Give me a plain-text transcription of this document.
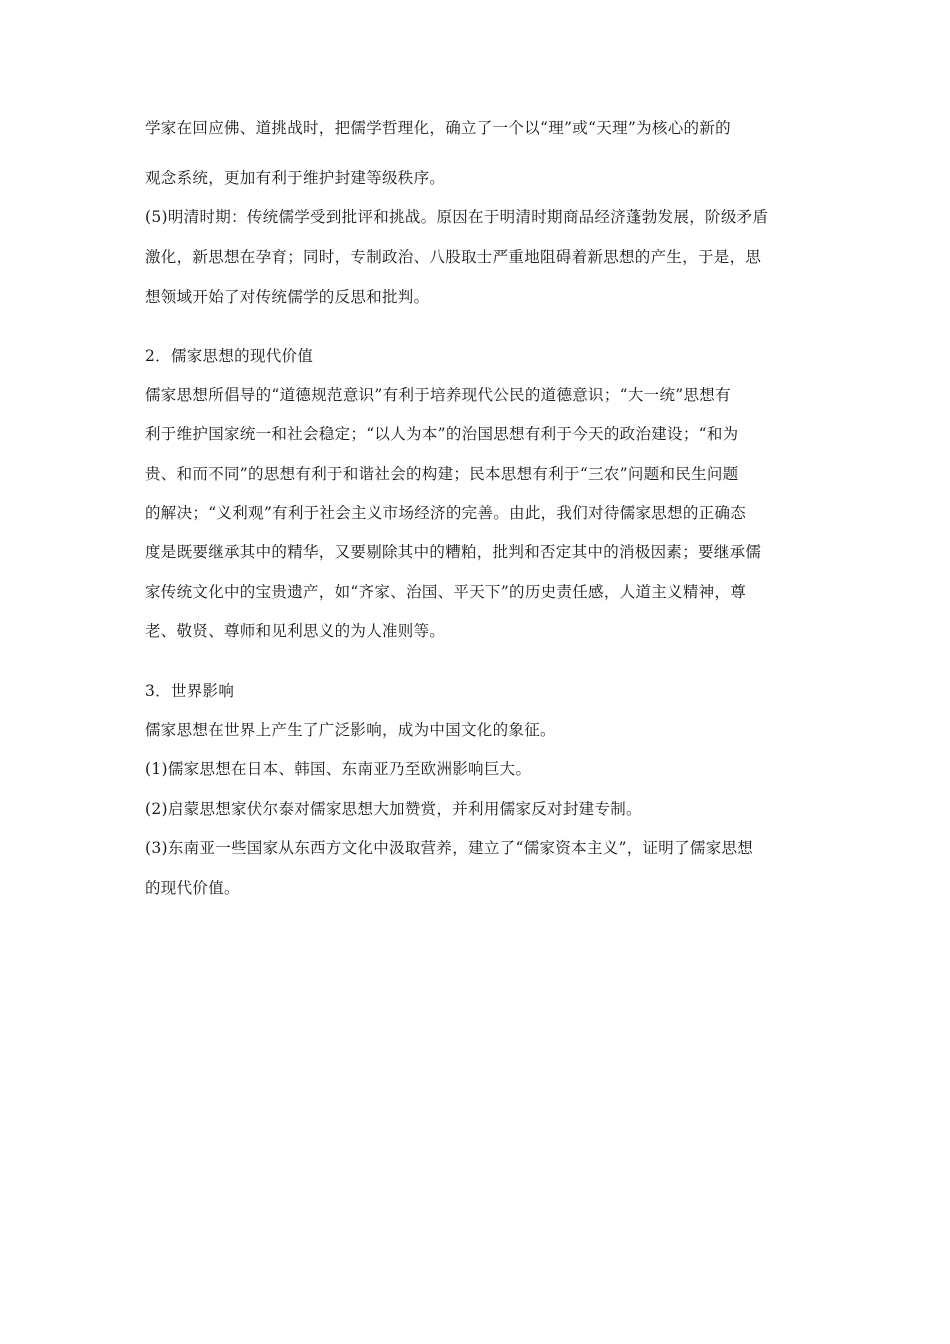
学家在回应佛、道挑战时，把儒学哲理化，确立了一个以“理”或“天理”为核心的新的

观念系统，更加有利于维护封建等级秩序。

(5)明清时期：传统儒学受到批评和挑战。原因在于明清时期商品经济蓬勃发展，阶级矛盾

激化，新思想在孕育；同时，专制政治、八股取士严重地阻碍着新思想的产生，于是，思

想领域开始了对传统儒学的反思和批判。

2．儒家思想的现代价值

儒家思想所倡导的“道德规范意识”有利于培养现代公民的道德意识；“大一统”思想有

利于维护国家统一和社会稳定；“以人为本”的治国思想有利于今天的政治建设；“和为

贵、和而不同”的思想有利于和谐社会的构建；民本思想有利于“三农”问题和民生问题

的解决；“义利观”有利于社会主义市场经济的完善。由此，我们对待儒家思想的正确态

度是既要继承其中的精华，又要剔除其中的糟粕，批判和否定其中的消极因素；要继承儒

家传统文化中的宝贵遗产，如“齐家、治国、平天下”的历史责任感，人道主义精神，尊

老、敬贤、尊师和见利思义的为人准则等。

3．世界影响

儒家思想在世界上产生了广泛影响，成为中国文化的象征。

(1)儒家思想在日本、韩国、东南亚乃至欧洲影响巨大。

(2)启蒙思想家伏尔泰对儒家思想大加赞赏，并利用儒家反对封建专制。

(3)东南亚一些国家从东西方文化中汲取营养，建立了“儒家资本主义”，证明了儒家思想

的现代价值。
